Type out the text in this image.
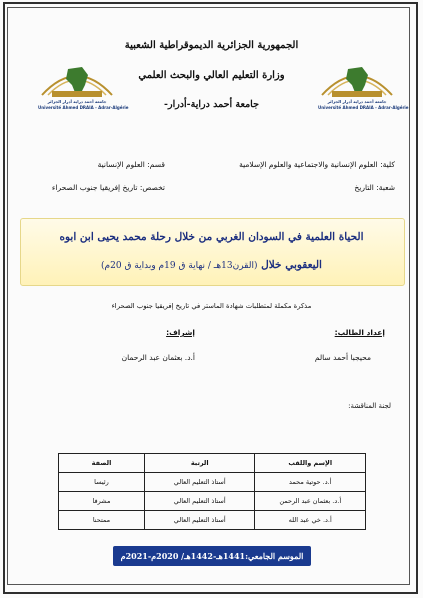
الجمهورية الجزائرية الديموقراطية الشعبية
وزارة التعليم العالي والبحث العلمي
جامعة أحمد دراية-أدرار-
جامعة أحمد دراية أدرار الجزائر
Université Ahmed DRAIA - Adrar-Algérie
جامعة أحمد دراية أدرار الجزائر
Université Ahmed DRAIA - Adrar-Algérie
كلية: العلوم الإنسانية والاجتماعية والعلوم الإسلامية
قسم: العلوم الإنسانية
شعبة: التاريخ
تخصص: تاريخ إفريقيا جنوب الصحراء
الحياة العلمية في السودان الغربي من خلال رحلة محمد يحيى ابن ابوه
اليعقوبي خلال (القرن13هـ / نهاية ق 19م وبداية ق 20م)
مذكرة مكملة لمتطلبات شهادة الماستر في تاريخ إفريقيا جنوب الصحراء
إعداد الطالب:
إشراف:
محيجبا أحمد سالم
أ.د. بعثمان عبد الرحمان
لجنة المناقشة:
الإسم واللقب	الرتبة	الصفة
أ.د. حوتية محمد	أستاذ التعليم العالي	رئيسا
أ.د. بعثمان عبد الرحمن	أستاذ التعليم العالي	مشرفا
أ.د. خي عبد الله	أستاذ التعليم العالي	ممتحنا
الموسم الجامعي:1441هـ-1442هـ/ 2020م-2021م
